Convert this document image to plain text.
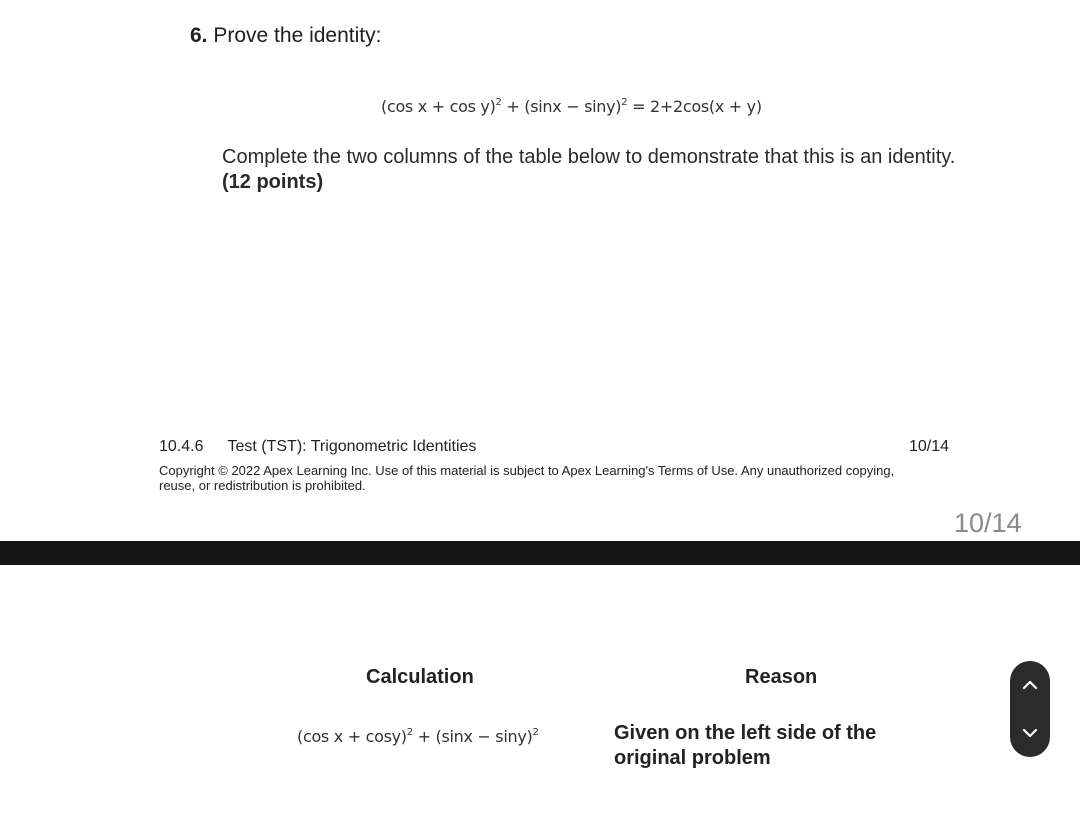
6. Prove the identity:
(cos $x + \cos y)^2 + (\sin x - \sin y)^2 = 2+2\cos(x + y)$
Complete the two columns of the table below to demonstrate that this is an identity. (12 points)
10.4.6 Test (TST): Trigonometric Identities	10/14
Copyright © 2022 Apex Learning Inc. Use of this material is subject to Apex Learning's Terms of Use. Any unauthorized copying, reuse, or redistribution is prohibited.
10/14
Calculation	Reason
(cos $x + \cos y)^2 + (\sin x - \sin y)^2$	Given on the left side of the original problem
